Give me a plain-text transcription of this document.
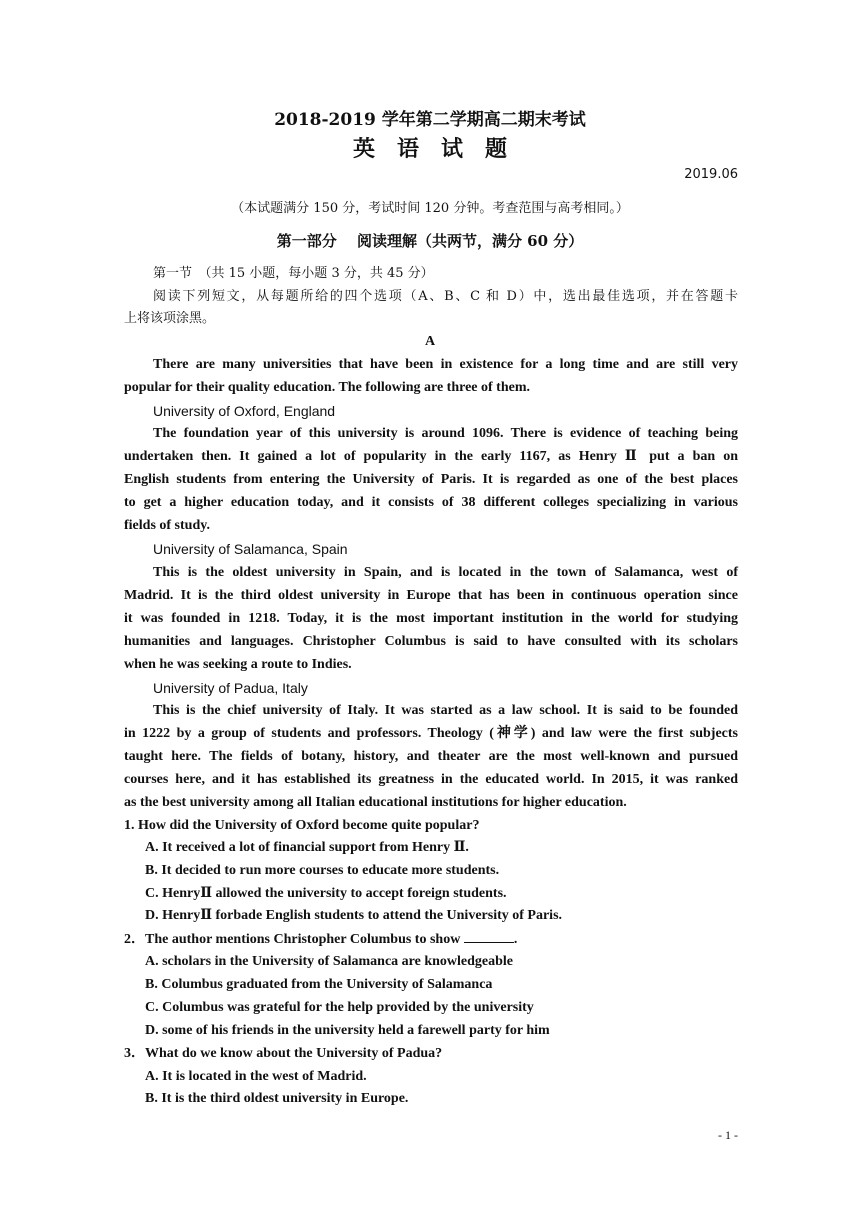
2018-2019 学年第二学期高二期末考试
英　语　试　题
2019.06
（本试题满分 150 分，考试时间 120 分钟。考查范围与高考相同。）
第一部分　 阅读理解（共两节，满分 60 分）
第一节　（共 15 小题，每小题 3 分，共 45 分）
阅读下列短文，从每题所给的四个选项（A、B、C 和 D）中，选出最佳选项，并在答题卡
上将该项涂黑。
A
There are many universities that have been in existence for a long time and are still very
popular for their quality education. The following are three of them.
University of Oxford, England
The foundation year of this university is around 1096. There is evidence of teaching being
undertaken then. It gained a lot of popularity in the early 1167, as Henry Ⅱ put a ban on
English students from entering the University of Paris. It is regarded as one of the best places
to get a higher education today, and it consists of 38 different colleges specializing in various
fields of study.
University of Salamanca, Spain
This is the oldest university in Spain, and is located in the town of Salamanca, west of
Madrid. It is the third oldest university in Europe that has been in continuous operation since
it was founded in 1218. Today, it is the most important institution in the world for studying
humanities and languages. Christopher Columbus is said to have consulted with its scholars
when he was seeking a route to Indies.
University of Padua, Italy
This is the chief university of Italy. It was started as a law school. It is said to be founded
in 1222 by a group of students and professors. Theology (神学) and law were the first subjects
taught here. The fields of botany, history, and theater are the most well-known and pursued
courses here, and it has established its greatness in the educated world. In 2015, it was ranked
as the best university among all Italian educational institutions for higher education.
1. How did the University of Oxford become quite popular?
A. It received a lot of financial support from Henry Ⅱ.
B. It decided to run more courses to educate more students.
C. HenryⅡ allowed the university to accept foreign students.
D. HenryⅡ forbade English students to attend the University of Paris.
2．The author mentions Christopher Columbus to show	.
A. scholars in the University of Salamanca are knowledgeable
B. Columbus graduated from the University of Salamanca
C. Columbus was grateful for the help provided by the university
D. some of his friends in the university held a farewell party for him
3．What do we know about the University of Padua?
A. It is located in the west of Madrid.
B. It is the third oldest university in Europe.
- 1 -
